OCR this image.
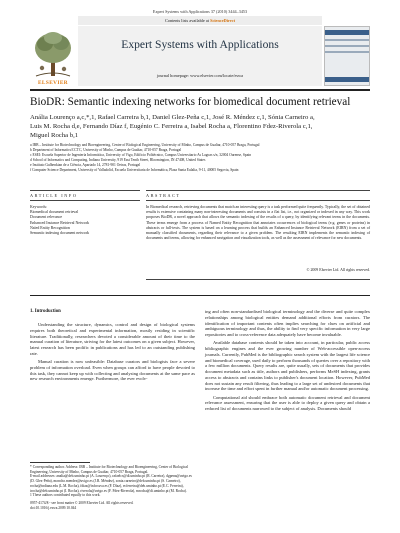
Expert Systems with Applications 37 (2010) 3444–3453
Contents lists available at ScienceDirect
ELSEVIER
Expert Systems with Applications
journal homepage: www.elsevier.com/locate/eswa
BioDR: Semantic indexing networks for biomedical document retrieval
Anália Lourenço a,c,*,1, Rafael Carreira b,1, Daniel Glez-Peña c,1, José R. Méndez c,1, Sónia Carneiro a,
Luis M. Rocha d,e, Fernando Díaz f, Eugénio C. Ferreira a, Isabel Rocha a, Florentino Fdez-Riverola c,1,
Miguel Rocha b,1
a IBB – Institute for Biotechnology and Bioengineering, Centre of Biological Engineering, University of Minho, Campus de Gualtar, 4710-057 Braga, Portugal
b Department of Informatics/CCTC, University of Minho, Campus de Gualtar, 4710-057 Braga, Portugal
c ESEI: Escuela Superior de Ingeniería Informática, University of Vigo, Edificio Politécnico, Campus Universitario As Lagoas s/n, 32004 Ourense, Spain
d School of Informatics and Computing, Indiana University, 919 East Tenth Street, Bloomington, IN 47408, United States
e Instituto Gulbenkian de a Ciência, Apartado 14, 2781-901 Oeiras, Portugal
f Computer Science Department, University of Valladolid, Escuela Universitaria de Informática, Plaza Santa Eulalia, 9-11, 40005 Segovia, Spain
ARTICLE INFO	ABSTRACT
Keywords:
Biomedical document retrieval
Document relevance
Enhanced Instance Retrieval Network
Naïed Entity Recognition
Semantic indexing document network
In Biomedical research, retrieving documents that match an interesting query is a task performed quite frequently. Typically, the set of obtained results is extensive containing many non-interesting documents and consists in a flat list, i.e., not organized or indexed in any way. This work proposes BioDR, a novel approach that allows the semantic indexing of the results of a query, by identifying relevant terms in the documents. These terms emerge from a process of Named Entity Recognition that annotates occurrences of biological terms (e.g. genes or proteins) in abstracts or full-texts. The system is based on a learning process that builds an Enhanced Instance Retrieval Network (EIRN) from a set of manually classified documents, regarding their relevance to a given problem. The resulting EIRN implements the semantic indexing of documents and terms, allowing for enhanced navigation and visualization tools, as well as the assessment of relevance for new documents.
© 2009 Elsevier Ltd. All rights reserved.
1. Introduction

Understanding the structure, dynamics, control and design of biological systems requires both theoretical and experimental information, mostly residing in scientific literature. Traditionally, researchers devoted a considerable amount of their time to the manual curation of literature, striving for the latest outcomes on a given subject. However, latest research has been prolific in publications and has led to an outstanding publishing rate.

Manual curation is now unfeasible: Database curators and biologists face a severe problem of information overload. Even when groups can afford to have people devoted to this task, they cannot keep up with collecting and analysing documents at the same pace as new research environments emerge. Furthermore, the ever evolv-

ing and often non-standardised biological terminology and the diverse and quite complex relationships among biological entities demand additional efforts from curators. The identification of important contents often implies searching for clues on artificial and ambiguous terminology and thus, the ability to find very specific information in very large repositories and to cross-reference data adequately have become invaluable.

Available database contents should be taken into account, in particular, public access bibliographic engines and the ever growing number of Web-accessible open-access journals. Currently, PubMed is the bibliographic search system with the largest life science and biomedical coverage, used daily to perform thousands of queries over a repository with a few million documents. Query results are, quite usually, sets of documents that provides document metadata such as title, authors and publishers, performs MeSH indexing, grants access to abstracts and contains links to publisher's document location. However, PubMed does not sustain any result filtering, thus leading to a large set of undesired documents that increase the time and effort spent in further manual and/or automatic document processing.

Computational aid should embrace both automatic document retrieval and document relevance assessment, ensuring that the user is able to deploy a given query and obtain a reduced list of documents narrowed to the subject of analysis. Documents should

* Corresponding author. Address: IBB – Institute for Biotechnology and Bioengineering, Center of Biological Engineering, University of Minho, Campus de Gualtar, 4710-057 Braga, Portugal.
E-mail addresses: analia@deb.uminho.pt (A. Lourenço), rafaelcs@di.uminho.pt (R. Carreira), dgpena@uvigo.es (D. Glez-Peña), moncho.mendez@uvigo.es (J.R. Méndez), sonia.carneiro@deb.uminho.pt (S. Carneiro), rocha@indiana.edu (L.M. Rocha), fdiaz@infor.uva.es (F. Díaz), ecferreira@deb.uminho.pt (E.C. Ferreira), irocha@deb.uminho.pt (I. Rocha), riverola@uvigo.es (F. Fdez-Riverola), mrocha@di.uminho.pt (M. Rocha).
1 These authors contributed equally to this work.
0957-4174/$ - see front matter © 2009 Elsevier Ltd. All rights reserved.
doi:10.1016/j.eswa.2009.10.044
